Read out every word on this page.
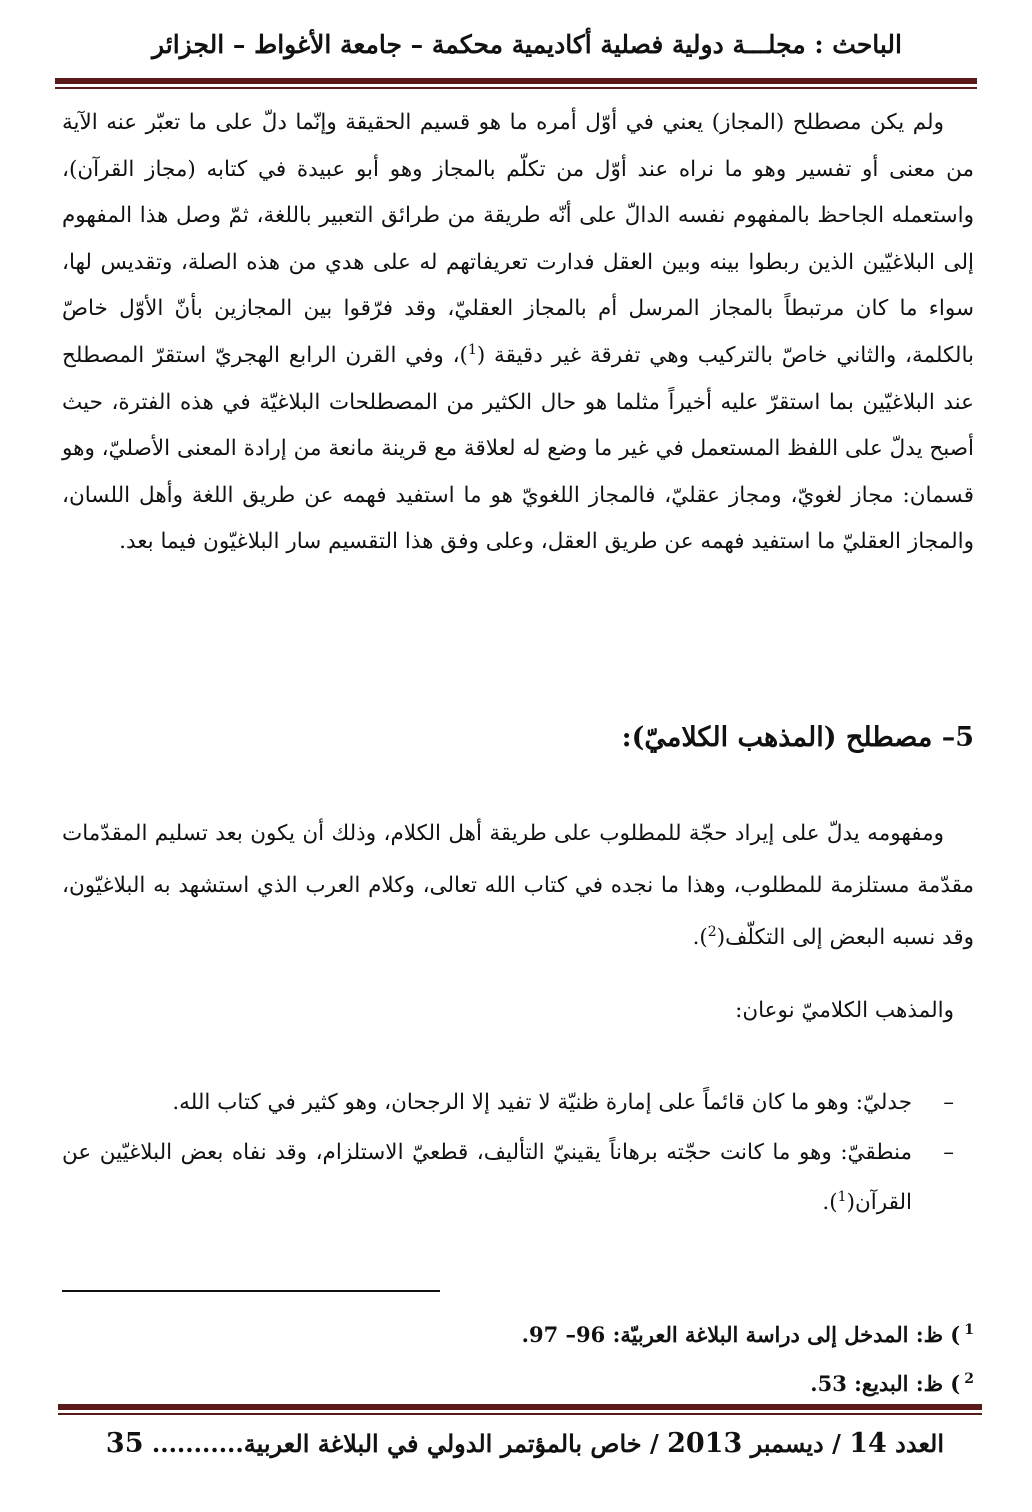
الباحث : مجلـــة دولية فصلية أكاديمية محكمة – جامعة الأغواط – الجزائر

ولم يكن مصطلح (المجاز) يعني في أوّل أمره ما هو قسيم الحقيقة وإنّما دلّ على ما تعبّر عنه الآية من معنى أو تفسير وهو ما نراه عند أوّل من تكلّم بالمجاز وهو أبو عبيدة في كتابه (مجاز القرآن)، واستعمله الجاحظ بالمفهوم نفسه الدالّ على أنّه طريقة من طرائق التعبير باللغة، ثمّ وصل هذا المفهوم إلى البلاغيّين الذين ربطوا بينه وبين العقل فدارت تعريفاتهم له على هدي من هذه الصلة، وتقديس لها، سواء ما كان مرتبطاً بالمجاز المرسل أم بالمجاز العقليّ، وقد فرّقوا بين المجازين بأنّ الأوّل خاصّ بالكلمة، والثاني خاصّ بالتركيب وهي تفرقة غير دقيقة ($^1$)، وفي القرن الرابع الهجريّ استقرّ المصطلح عند البلاغيّين بما استقرّ عليه أخيراً مثلما هو حال الكثير من المصطلحات البلاغيّة في هذه الفترة، حيث أصبح يدلّ على اللفظ المستعمل في غير ما وضع له لعلاقة مع قرينة مانعة من إرادة المعنى الأصليّ، وهو قسمان: مجاز لغويّ، ومجاز عقليّ، فالمجاز اللغويّ هو ما استفيد فهمه عن طريق اللغة وأهل اللسان، والمجاز العقليّ ما استفيد فهمه عن طريق العقل، وعلى وفق هذا التقسيم سار البلاغيّون فيما بعد.

5– مصطلح (المذهب الكلاميّ):

ومفهومه يدلّ على إيراد حجّة للمطلوب على طريقة أهل الكلام، وذلك أن يكون بعد تسليم المقدّمات مقدّمة مستلزمة للمطلوب، وهذا ما نجده في كتاب الله تعالى، وكلام العرب الذي استشهد به البلاغيّون، وقد نسبه البعض إلى التكلّف($^2$).

والمذهب الكلاميّ نوعان:
–
جدليّ: وهو ما كان قائماً على إمارة ظنيّة لا تفيد إلا الرجحان، وهو كثير في كتاب الله.
–
منطقيّ: وهو ما كانت حجّته برهاناً يقينيّ التأليف، قطعيّ الاستلزام، وقد نفاه بعض البلاغيّين عن القرآن($^1$).
$^1$) ظ: المدخل إلى دراسة البلاغة العربيّة: 96– 97.
$^2$) ظ: البديع: 53.
العدد 14 / ديسمبر 2013 / خاص بالمؤتمر الدولي في البلاغة العربية........... 35
